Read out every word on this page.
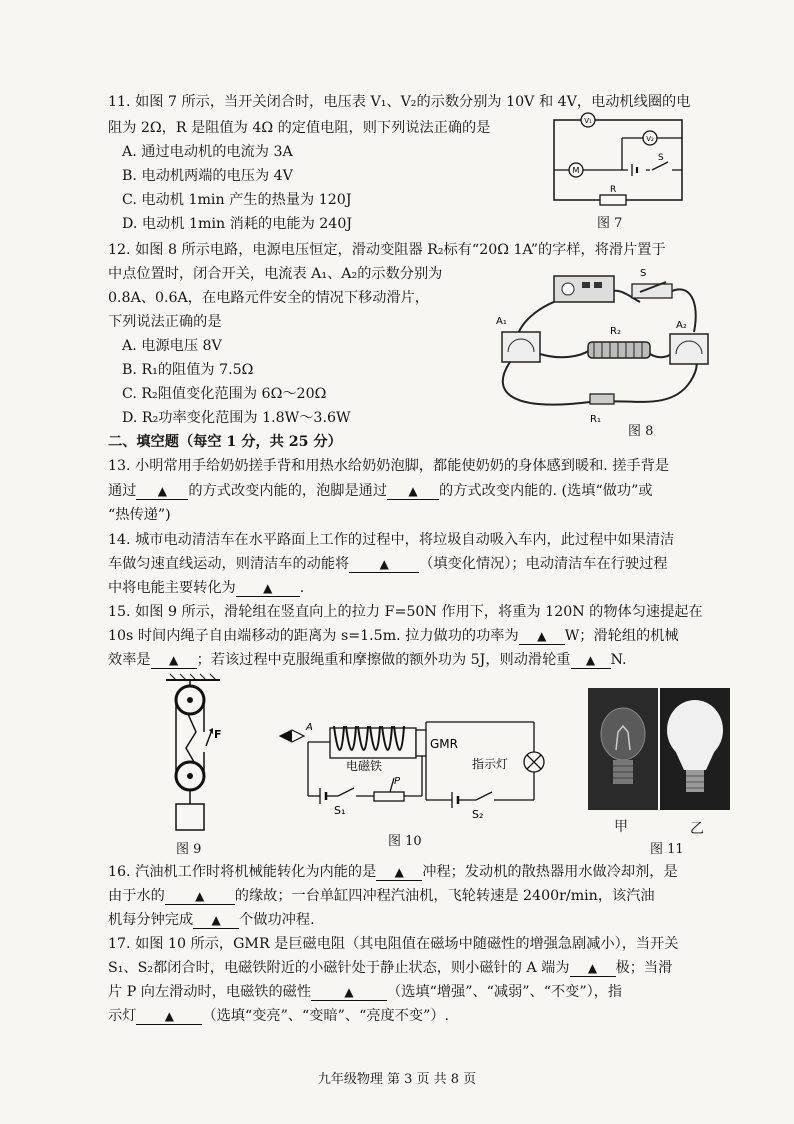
11. 如图 7 所示，当开关闭合时，电压表 V₁、V₂的示数分别为 10V 和 4V，电动机线圈的电
阻为 2Ω，R 是阻值为 4Ω 的定值电阻，则下列说法正确的是
A. 通过电动机的电流为 3A
B. 电动机两端的电压为 4V
C. 电动机 1min 产生的热量为 120J
D. 电动机 1min 消耗的电能为 240J
V₁
V₂
M
S
R
图 7
12. 如图 8 所示电路，电源电压恒定，滑动变阻器 R₂标有“20Ω 1A”的字样，将滑片置于
中点位置时，闭合开关，电流表 A₁、A₂的示数分别为
0.8A、0.6A，在电路元件安全的情况下移动滑片，
下列说法正确的是
A. 电源电压 8V
B. R₁的阻值为 7.5Ω
C. R₂阻值变化范围为 6Ω～20Ω
D. R₂功率变化范围为 1.8W～3.6W
S
A₁	A₂
R₂
R₁
图 8
二、填空题（每空 1 分，共 25 分）
13. 小明常用手给奶奶搓手背和用热水给奶奶泡脚，都能使奶奶的身体感到暖和. 搓手背是
通过 ▲ 的方式改变内能的，泡脚是通过 ▲ 的方式改变内能的. (选填“做功”或
“热传递”)
14. 城市电动清洁车在水平路面上工作的过程中，将垃圾自动吸入车内，此过程中如果清洁
车做匀速直线运动，则清洁车的动能将	▲ （填变化情况）；电动清洁车在行驶过程
中将电能主要转化为 ▲ .
15. 如图 9 所示，滑轮组在竖直向上的拉力 F=50N 作用下，将重为 120N 的物体匀速提起在
10s 时间内绳子自由端移动的距离为 s=1.5m. 拉力做功的功率为 ▲ W；滑轮组的机械
效率是 ▲ ；若该过程中克服绳重和摩擦做的额外功为 5J，则动滑轮重 ▲ N.
F
图 9
A
电磁铁
S₁
P
GMR
指示灯
S₂
图 10
甲	乙
图 11
16. 汽油机工作时将机械能转化为内能的是 ▲ 冲程；发动机的散热器用水做冷却剂，是
由于水的	▲ 的缘故；一台单缸四冲程汽油机，飞轮转速是 2400r/min，该汽油
机每分钟完成 ▲ 个做功冲程.
17. 如图 10 所示，GMR 是巨磁电阻（其电阻值在磁场中随磁性的增强急剧减小），当开关
S₁、S₂都闭合时，电磁铁附近的小磁针处于静止状态，则小磁针的 A 端为 ▲ 极；当滑
片 P 向左滑动时，电磁铁的磁性	▲ （选填“增强”、“减弱”、“不变”），指
示灯 ▲ （选填“变亮”、“变暗”、“亮度不变”）.
九年级物理 第 3 页 共 8 页
